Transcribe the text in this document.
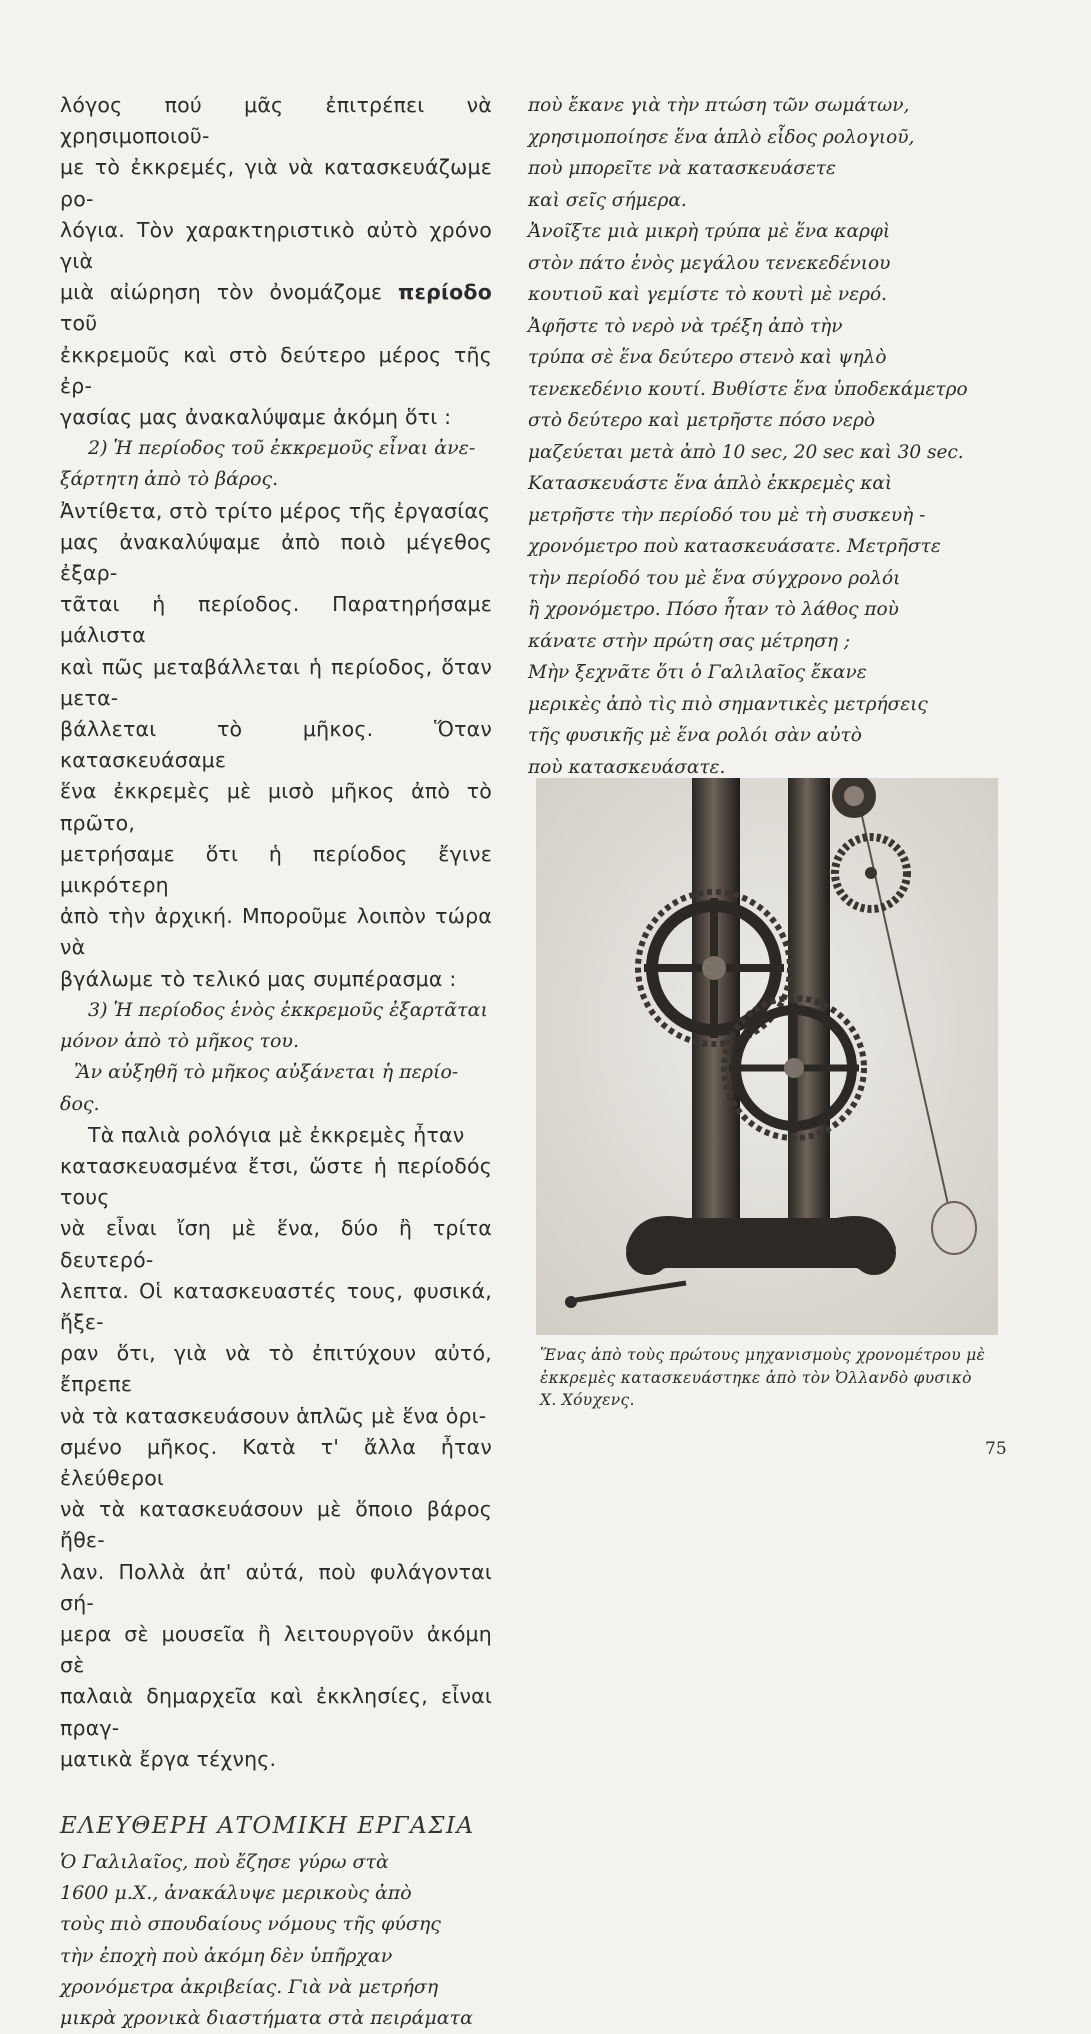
λόγος πού μᾶς ἐπιτρέπει νὰ χρησιμοποιοῦ-
με τὸ ἐκκρεμές, γιὰ νὰ κατασκευάζωμε ρο-
λόγια. Τὸν χαρακτηριστικὸ αὐτὸ χρόνο γιὰ
μιὰ αἰώρηση τὸν ὀνομάζομε περίοδο τοῦ
ἐκκρεμοῦς καὶ στὸ δεύτερο μέρος τῆς ἐρ-
γασίας μας ἀνακαλύψαμε ἀκόμη ὅτι :

2) Ἡ περίοδος τοῦ ἐκκρεμοῦς εἶναι ἀνε-
ξάρτητη ἀπὸ τὸ βάρος.

Ἀντίθετα, στὸ τρίτο μέρος τῆς ἐργασίας
μας ἀνακαλύψαμε ἀπὸ ποιὸ μέγεθος ἐξαρ-
τᾶται ἡ περίοδος. Παρατηρήσαμε μάλιστα
καὶ πῶς μεταβάλλεται ἡ περίοδος, ὅταν μετα-
βάλλεται τὸ μῆκος. Ὅταν κατασκευάσαμε
ἕνα ἐκκρεμὲς μὲ μισὸ μῆκος ἀπὸ τὸ πρῶτο,
μετρήσαμε ὅτι ἡ περίοδος ἔγινε μικρότερη
ἀπὸ τὴν ἀρχική. Μποροῦμε λοιπὸν τώρα νὰ
βγάλωμε τὸ τελικό μας συμπέρασμα :

3) Ἡ περίοδος ἑνὸς ἐκκρεμοῦς ἐξαρτᾶται
μόνον ἀπὸ τὸ μῆκος του.
Ἂν αὐξηθῆ τὸ μῆκος αὐξάνεται ἡ περίο-
δος.

Τὰ παλιὰ ρολόγια μὲ ἐκκρεμὲς ἦταν
κατασκευασμένα ἔτσι, ὥστε ἡ περίοδός τους
νὰ εἶναι ἴση μὲ ἕνα, δύο ἢ τρίτα δευτερό-
λεπτα. Οἱ κατασκευαστές τους, φυσικά, ἤξε-
ραν ὅτι, γιὰ νὰ τὸ ἐπιτύχουν αὐτό, ἔπρεπε
νὰ τὰ κατασκευάσουν ἁπλῶς μὲ ἕνα ὁρι-
σμένο μῆκος. Κατὰ τ' ἄλλα ἦταν ἐλεύθεροι
νὰ τὰ κατασκευάσουν μὲ ὅποιο βάρος ἤθε-
λαν. Πολλὰ ἀπ' αὐτά, ποὺ φυλάγονται σή-
μερα σὲ μουσεῖα ἢ λειτουργοῦν ἀκόμη σὲ
παλαιὰ δημαρχεῖα καὶ ἐκκλησίες, εἶναι πραγ-
ματικὰ ἔργα τέχνης.

ΕΛΕΥΘΕΡΗ ΑΤΟΜΙΚΗ ΕΡΓΑΣΙΑ

Ὁ Γαλιλαῖος, ποὺ ἔζησε γύρω στὰ
1600 μ.Χ., ἀνακάλυψε μερικοὺς ἀπὸ
τοὺς πιὸ σπουδαίους νόμους τῆς φύσης
τὴν ἐποχὴ ποὺ ἀκόμη δὲν ὑπῆρχαν
χρονόμετρα ἀκριβείας. Γιὰ νὰ μετρήση
μικρὰ χρονικὰ διαστήματα στὰ πειράματα

ποὺ ἔκανε γιὰ τὴν πτώση τῶν σωμάτων,
χρησιμοποίησε ἕνα ἁπλὸ εἶδος ρολογιοῦ,
ποὺ μπορεῖτε νὰ κατασκευάσετε
καὶ σεῖς σήμερα.
Ἀνοῖξτε μιὰ μικρὴ τρύπα μὲ ἕνα καρφὶ
στὸν πάτο ἑνὸς μεγάλου τενεκεδένιου
κουτιοῦ καὶ γεμίστε τὸ κουτὶ μὲ νερό.
Ἀφῆστε τὸ νερὸ νὰ τρέξη ἀπὸ τὴν
τρύπα σὲ ἕνα δεύτερο στενὸ καὶ ψηλὸ
τενεκεδένιο κουτί. Βυθίστε ἕνα ὑποδεκάμετρο
στὸ δεύτερο καὶ μετρῆστε πόσο νερὸ
μαζεύεται μετὰ ἀπὸ 10 sec, 20 sec καὶ 30 sec.
Κατασκευάστε ἕνα ἁπλὸ ἐκκρεμὲς καὶ
μετρῆστε τὴν περίοδό του μὲ τὴ συσκευὴ -
χρονόμετρο ποὺ κατασκευάσατε. Μετρῆστε
τὴν περίοδό του μὲ ἕνα σύγχρονο ρολόι
ἢ χρονόμετρο. Πόσο ἦταν τὸ λάθος ποὺ
κάνατε στὴν πρώτη σας μέτρηση ;
Μὴν ξεχνᾶτε ὅτι ὁ Γαλιλαῖος ἔκανε
μερικὲς ἀπὸ τὶς πιὸ σημαντικὲς μετρήσεις
τῆς φυσικῆς μὲ ἕνα ρολόι σὰν αὐτὸ
ποὺ κατασκευάσατε.

Ἕνας ἀπὸ τοὺς πρώτους μηχανισμοὺς χρονομέτρου μὲ
ἐκκρεμὲς κατασκευάστηκε ἀπὸ τὸν Ὀλλανδὸ φυσικὸ
Χ. Χόυχενς.
75
